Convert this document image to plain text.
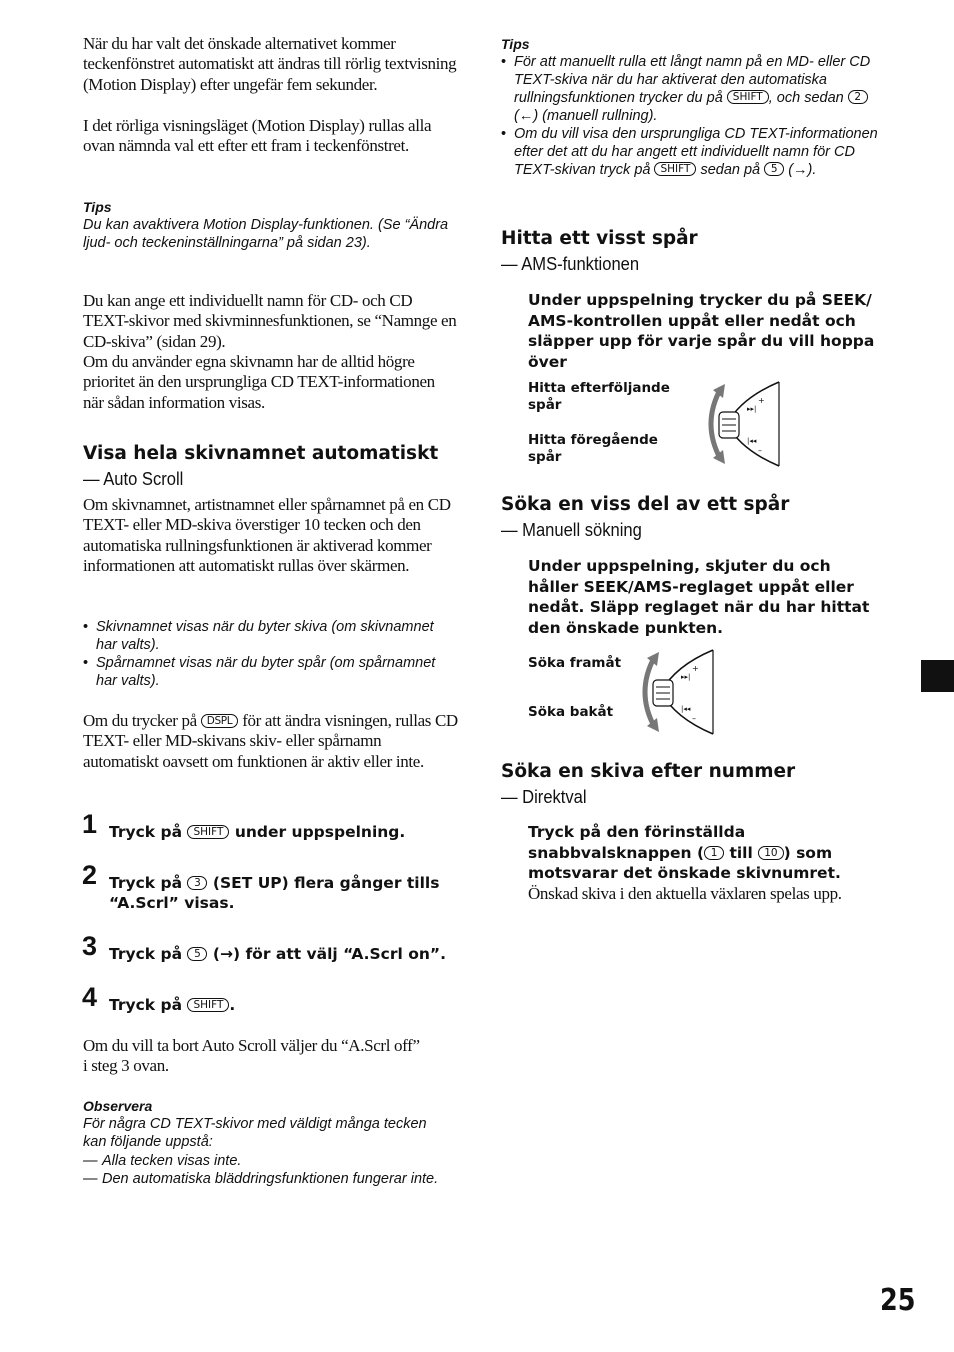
När du har valt det önskade alternativet kommer teckenfönstret automatiskt att ändras till rörlig textvisning (Motion Display) efter ungefär fem sekunder.

I det rörliga visningsläget (Motion Display) rullas alla ovan nämnda val ett efter ett fram i teckenfönstret.

Tips

Du kan avaktivera Motion Display-funktionen. (Se “Ändra ljud- och teckeninställningarna” på sidan 23).

Du kan ange ett individuellt namn för CD- och CD TEXT-skivor med skivminnesfunktionen, se “Namnge en CD-skiva” (sidan 29).

Om du använder egna skivnamn har de alltid högre prioritet än den ursprungliga CD TEXT-informationen när sådan information visas.

Visa hela skivnamnet automatiskt

— Auto Scroll

Om skivnamnet, artistnamnet eller spårnamnet på en CD TEXT- eller MD-skiva överstiger 10 tecken och den automatiska rullningsfunktionen är aktiverad kommer informationen att automatiskt rullas över skärmen.

• Skivnamnet visas när du byter skiva (om skivnamnet har valts).
• Spårnamnet visas när du byter spår (om spårnamnet har valts).

Om du trycker på DSPL för att ändra visningen, rullas CD TEXT- eller MD-skivans skiv- eller spårnamn automatiskt oavsett om funktionen är aktiv eller inte.

1 Tryck på SHIFT under uppspelning.
2 Tryck på 3 (SET UP) flera gånger tills “A.Scrl” visas.
3 Tryck på 5 (→) för att välj “A.Scrl on”.
4 Tryck på SHIFT .

Om du vill ta bort Auto Scroll väljer du “A.Scrl off” i steg 3 ovan.

Observera

För några CD TEXT-skivor med väldigt många tecken kan följande uppstå:

— Alla tecken visas inte.
— Den automatiska bläddringsfunktionen fungerar inte.

Tips

• För att manuellt rulla ett långt namn på en MD- eller CD TEXT-skiva när du har aktiverat den automatiska rullningsfunktionen trycker du på SHIFT , och sedan 2 (←) (manuell rullning).
• Om du vill visa den ursprungliga CD TEXT-informationen efter det att du har angett ett individuellt namn för CD TEXT-skivan tryck på SHIFT sedan på 5 (→).

Hitta ett visst spår

— AMS-funktionen

Under uppspelning trycker du på SEEK/ AMS-kontrollen uppåt eller nedåt och släpper upp för varje spår du vill hoppa över

Hitta efterföljande spår
Hitta föregående spår
▸▸|
|◂◂
+
–

Söka en viss del av ett spår

— Manuell sökning

Under uppspelning, skjuter du och håller SEEK/AMS-reglaget uppåt eller nedåt. Släpp reglaget när du har hittat den önskade punkten.

Söka framåt
Söka bakåt
▸▸|
|◂◂
+
–

Söka en skiva efter nummer

— Direktval

Tryck på den förinställda snabbvalsknappen ( 1 till 10 ) som motsvarar det önskade skivnumret.

Önskad skiva i den aktuella växlaren spelas upp.

25
